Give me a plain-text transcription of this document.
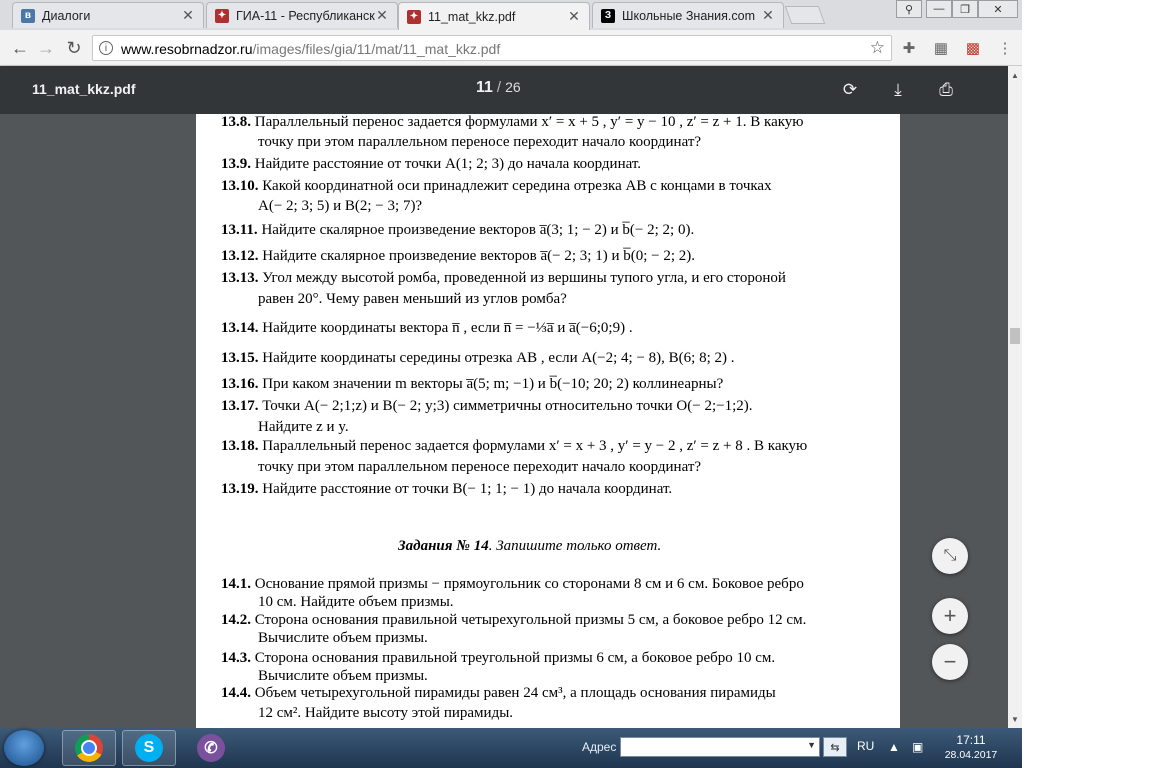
в Диалоги	✕ ✦ ГИА-11 - Республиканск ✕ ✦ 11_mat_kkz.pdf	✕	З Школьные Знания.com ✕	⚲	—	❐	✕
← → ↻	i www.resobrnadzor.ru/images/files/gia/11/mat/11_mat_kkz.pdf	☆ ✚ ▦ ▩ ⋮
11_mat_kkz.pdf	11 / 26	⟳	⤓	⎙
13.8. Параллельный перенос задается формулами x′ = x + 5 , y′ = y − 10 , z′ = z + 1. В какую
точку при этом параллельном переносе переходит начало координат?
13.9. Найдите расстояние от точки A(1; 2; 3) до начала координат.
13.10. Какой координатной оси принадлежит середина отрезка AB с концами в точках
A(− 2; 3; 5) и B(2; − 3; 7)?
13.11. Найдите скалярное произведение векторов a̅(3; 1; − 2) и b̅(− 2; 2; 0).
13.12. Найдите скалярное произведение векторов a̅(− 2; 3; 1) и b̅(0; − 2; 2).
13.13. Угол между высотой ромба, проведенной из вершины тупого угла, и его стороной
равен 20°. Чему равен меньший из углов ромба?
13.14. Найдите координаты вектора n̅ , если n̅ = −⅓a̅ и a̅(−6;0;9) .
13.15. Найдите координаты середины отрезка AB , если A(−2; 4; − 8), B(6; 8; 2) .
13.16. При каком значении m векторы a̅(5; m; −1) и b̅(−10; 20; 2) коллинеарны?
13.17. Точки A(− 2;1;z) и B(− 2; y;3) симметричны относительно точки O(− 2;−1;2).
Найдите z и y.
13.18. Параллельный перенос задается формулами x′ = x + 3 , y′ = y − 2 , z′ = z + 8 . В какую
точку при этом параллельном переносе переходит начало координат?
13.19. Найдите расстояние от точки B(− 1; 1; − 1) до начала координат.
Задания № 14. Запишите только ответ.
14.1. Основание прямой призмы − прямоугольник со сторонами 8 см и 6 см. Боковое ребро
10 см. Найдите объем призмы.
14.2. Сторона основания правильной четырехугольной призмы 5 см, а боковое ребро 12 см.
Вычислите объем призмы.
14.3. Сторона основания правильной треугольной призмы 6 см, а боковое ребро 10 см.
Вычислите объем призмы.
14.4. Объем четырехугольной пирамиды равен 24 см³, а площадь основания пирамиды
12 см². Найдите высоту этой пирамиды.
⤡
+
−
▲
▼
S	✆	Адрес	▼	⇆	RU ▲ ▣	17:11
28.04.2017
